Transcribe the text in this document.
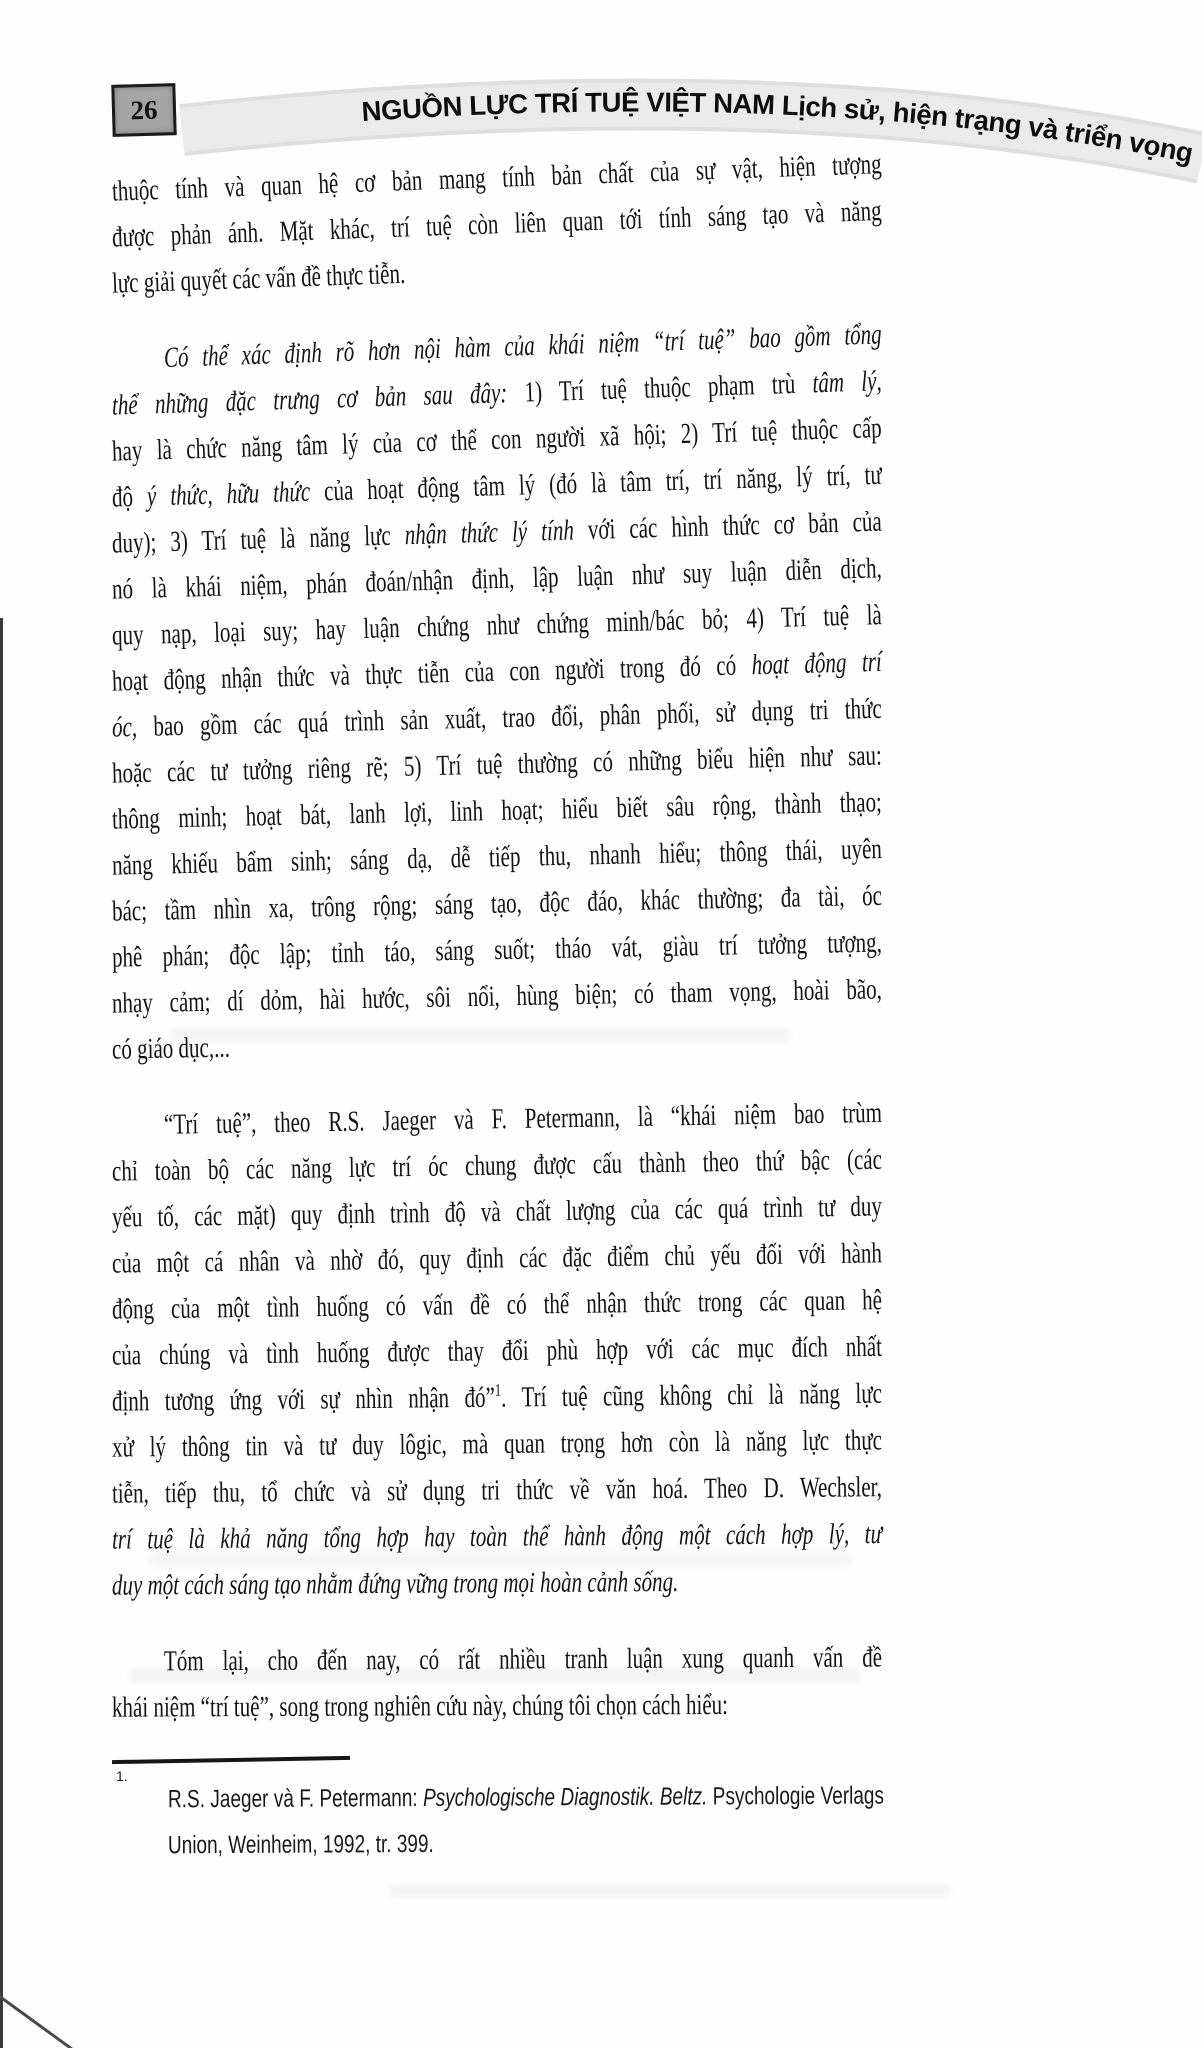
NGUỒN LỰC TRÍ TUỆ VIỆT NAM Lịch sử, hiện trạng và triển vọng
26
thuộc tính và quan hệ cơ bản mang tính bản chất của sự vật, hiện tượng
được phản ánh. Mặt khác, trí tuệ còn liên quan tới tính sáng tạo và năng
lực giải quyết các vấn đề thực tiễn.
Có thể xác định rõ hơn nội hàm của khái niệm “trí tuệ” bao gồm tổng
thể những đặc trưng cơ bản sau đây: 1) Trí tuệ thuộc phạm trù tâm lý,
hay là chức năng tâm lý của cơ thể con người xã hội; 2) Trí tuệ thuộc cấp
độ ý thức, hữu thức của hoạt động tâm lý (đó là tâm trí, trí năng, lý trí, tư
duy); 3) Trí tuệ là năng lực nhận thức lý tính với các hình thức cơ bản của
nó là khái niệm, phán đoán/nhận định, lập luận như suy luận diễn dịch,
quy nạp, loại suy; hay luận chứng như chứng minh/bác bỏ; 4) Trí tuệ là
hoạt động nhận thức và thực tiễn của con người trong đó có hoạt động trí
óc, bao gồm các quá trình sản xuất, trao đổi, phân phối, sử dụng tri thức
hoặc các tư tưởng riêng rẽ; 5) Trí tuệ thường có những biểu hiện như sau:
thông minh; hoạt bát, lanh lợi, linh hoạt; hiểu biết sâu rộng, thành thạo;
năng khiếu bẩm sinh; sáng dạ, dễ tiếp thu, nhanh hiểu; thông thái, uyên
bác; tầm nhìn xa, trông rộng; sáng tạo, độc đáo, khác thường; đa tài, óc
phê phán; độc lập; tỉnh táo, sáng suốt; tháo vát, giàu trí tưởng tượng,
nhạy cảm; dí dỏm, hài hước, sôi nổi, hùng biện; có tham vọng, hoài bão,
có giáo dục,...
“Trí tuệ”, theo R.S. Jaeger và F. Petermann, là “khái niệm bao trùm
chỉ toàn bộ các năng lực trí óc chung được cấu thành theo thứ bậc (các
yếu tố, các mặt) quy định trình độ và chất lượng của các quá trình tư duy
của một cá nhân và nhờ đó, quy định các đặc điểm chủ yếu đối với hành
động của một tình huống có vấn đề có thể nhận thức trong các quan hệ
của chúng và tình huống được thay đổi phù hợp với các mục đích nhất
định tương ứng với sự nhìn nhận đó”$^1$. Trí tuệ cũng không chỉ là năng lực
xử lý thông tin và tư duy lôgic, mà quan trọng hơn còn là năng lực thực
tiễn, tiếp thu, tổ chức và sử dụng tri thức về văn hoá. Theo D. Wechsler,
trí tuệ là khả năng tổng hợp hay toàn thể hành động một cách hợp lý, tư
duy một cách sáng tạo nhằm đứng vững trong mọi hoàn cảnh sống.
Tóm lại, cho đến nay, có rất nhiều tranh luận xung quanh vấn đề
khái niệm “trí tuệ”, song trong nghiên cứu này, chúng tôi chọn cách hiểu:
1.
R.S. Jaeger và F. Petermann: Psychologische Diagnostik. Beltz. Psychologie Verlags
Union, Weinheim, 1992, tr. 399.
